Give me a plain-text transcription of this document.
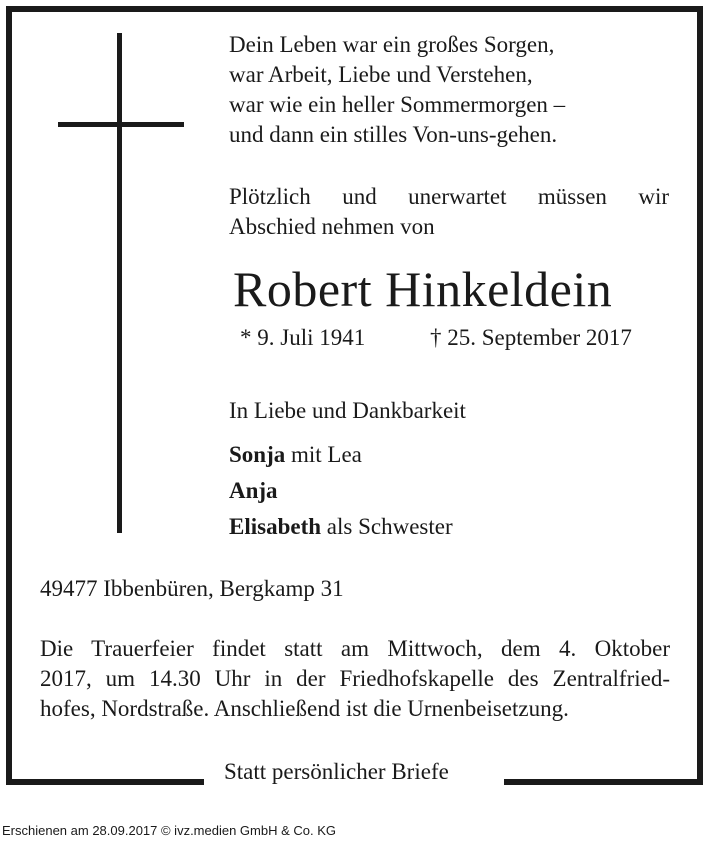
Dein Leben war ein großes Sorgen,
war Arbeit, Liebe und Verstehen,
war wie ein heller Sommermorgen –
und dann ein stilles Von-uns-gehen.
Plötzlich und unerwartet müssen wir
Abschied nehmen von
Robert Hinkeldein
* 9. Juli 1941	† 25. September 2017
In Liebe und Dankbarkeit
Sonja mit Lea
Anja
Elisabeth als Schwester
49477 Ibbenbüren, Bergkamp 31
Die Trauerfeier findet statt am Mittwoch, dem 4. Oktober
2017, um 14.30 Uhr in der Friedhofskapelle des Zentralfried-
hofes, Nordstraße. Anschließend ist die Urnenbeisetzung.
Statt persönlicher Briefe
Erschienen am 28.09.2017 © ivz.medien GmbH & Co. KG
